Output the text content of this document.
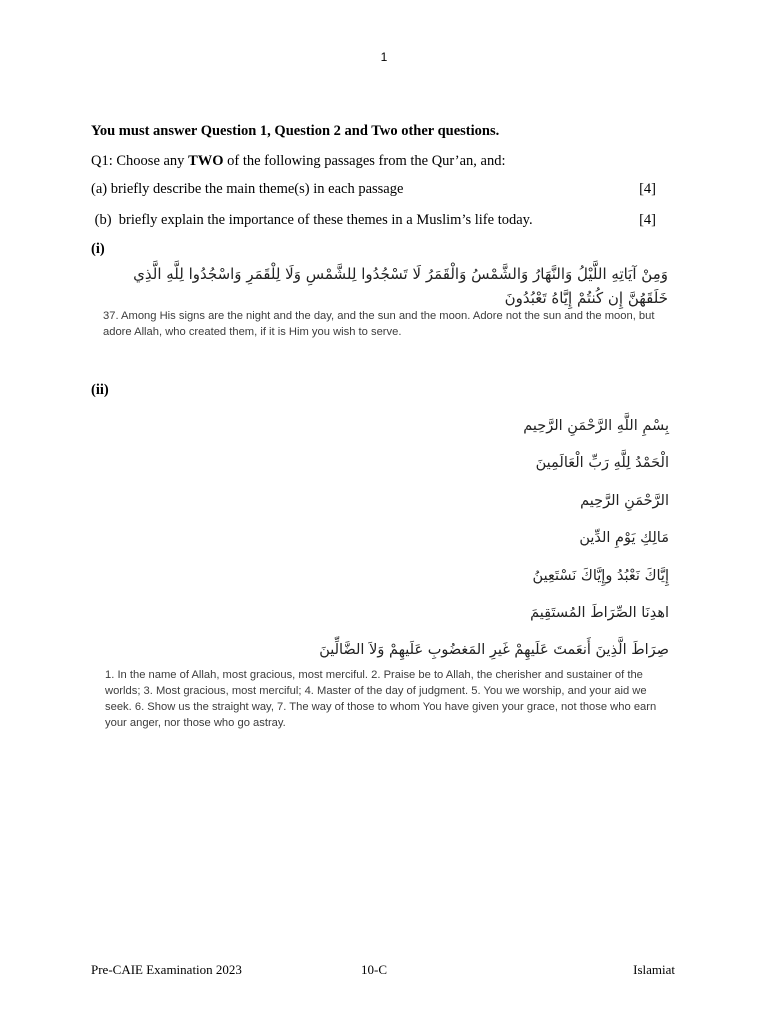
1
You must answer Question 1, Question 2 and Two other questions.
Q1: Choose any TWO of the following passages from the Qur’an, and:
(a) briefly describe the main theme(s) in each passage	[4]
(b)  briefly explain the importance of these themes in a Muslim’s life today.	[4]
(i)
وَمِنْ آيَاتِهِ اللَّيْلُ وَالنَّهَارُ وَالشَّمْسُ وَالْقَمَرُ لَا تَسْجُدُوا لِلشَّمْسِ وَلَا لِلْقَمَرِ وَاسْجُدُوا لِلَّهِ الَّذِي خَلَقَهُنَّ إِن كُنتُمْ إِيَّاهُ تَعْبُدُونَ
37. Among His signs are the night and the day, and the sun and the moon. Adore not the sun and the moon, but adore Allah, who created them, if it is Him you wish to serve.
(ii)
بِسْمِ اللَّهِ الرَّحْمَنِ الرَّحِيم
الْحَمْدُ لِلَّهِ رَبِّ الْعَالَمِينَ
الرَّحْمَنِ الرَّحِيم
مَالِكِ يَوْمِ الدِّين
إِيَّاكَ نَعْبُدُ وإِيَّاكَ نَسْتَعِينُ
اهدِنَا الصِّرَاطَ المُستَقِيمَ
صِرَاطَ الَّذِينَ أَنعَمتَ عَلَيهِمْ غَيرِ المَغضُوبِ عَلَيهِمْ وَلاَ الضَّالِّينَ
1. In the name of Allah, most gracious, most merciful. 2. Praise be to Allah, the cherisher and sustainer of the worlds; 3. Most gracious, most merciful; 4. Master of the day of judgment. 5. You we worship, and your aid we seek. 6. Show us the straight way, 7. The way of those to whom You have given your grace, not those who earn your anger, nor those who go astray.
Pre-CAIE Examination 2023	10-C	Islamiat
